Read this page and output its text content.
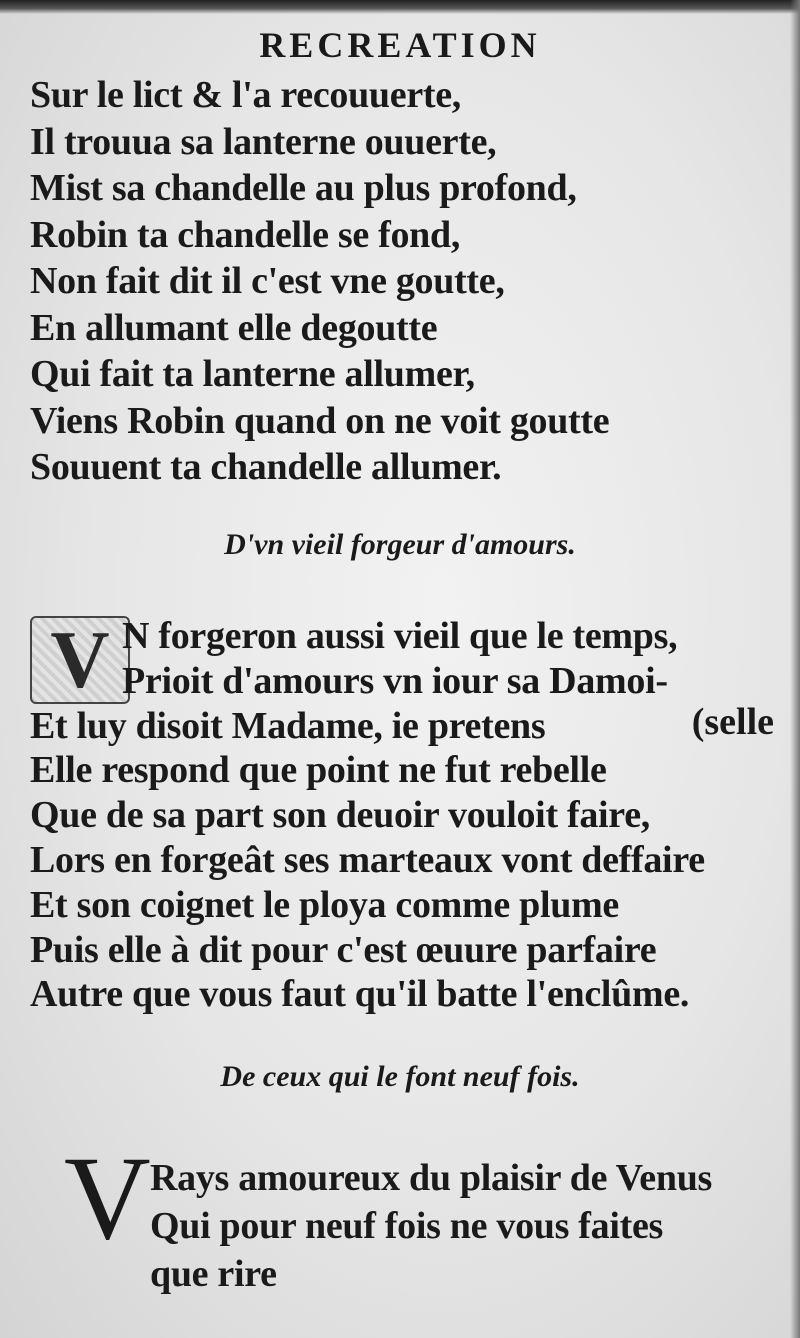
RECREATION
Sur le lict & l'a recouuerte,
Il trouua sa lanterne ouuerte,
Mist sa chandelle au plus profond,
Robin ta chandelle se fond,
Non fait dit il c'est vne goutte,
En allumant elle degoutte
Qui fait ta lanterne allumer,
Viens Robin quand on ne voit goutte
Souuent ta chandelle allumer.
D'vn vieil forgeur d'amours.
V N forgeron aussi vieil que le temps,
Prioit d'amours vn iour sa Damoi-
Et luy disoit Madame, ie pretens
Elle respond que point ne fut rebelle
Que de sa part son deuoir vouloit faire,
Lors en forgeât ses marteaux vont deffaire
Et son coignet le ploya comme plume
Puis elle à dit pour c'est œuure parfaire
Autre que vous faut qu'il batte l'enclûme.
(selle
De ceux qui le font neuf fois.
V Rays amoureux du plaisir de Venus
Qui pour neuf fois ne vous faites
que rire
